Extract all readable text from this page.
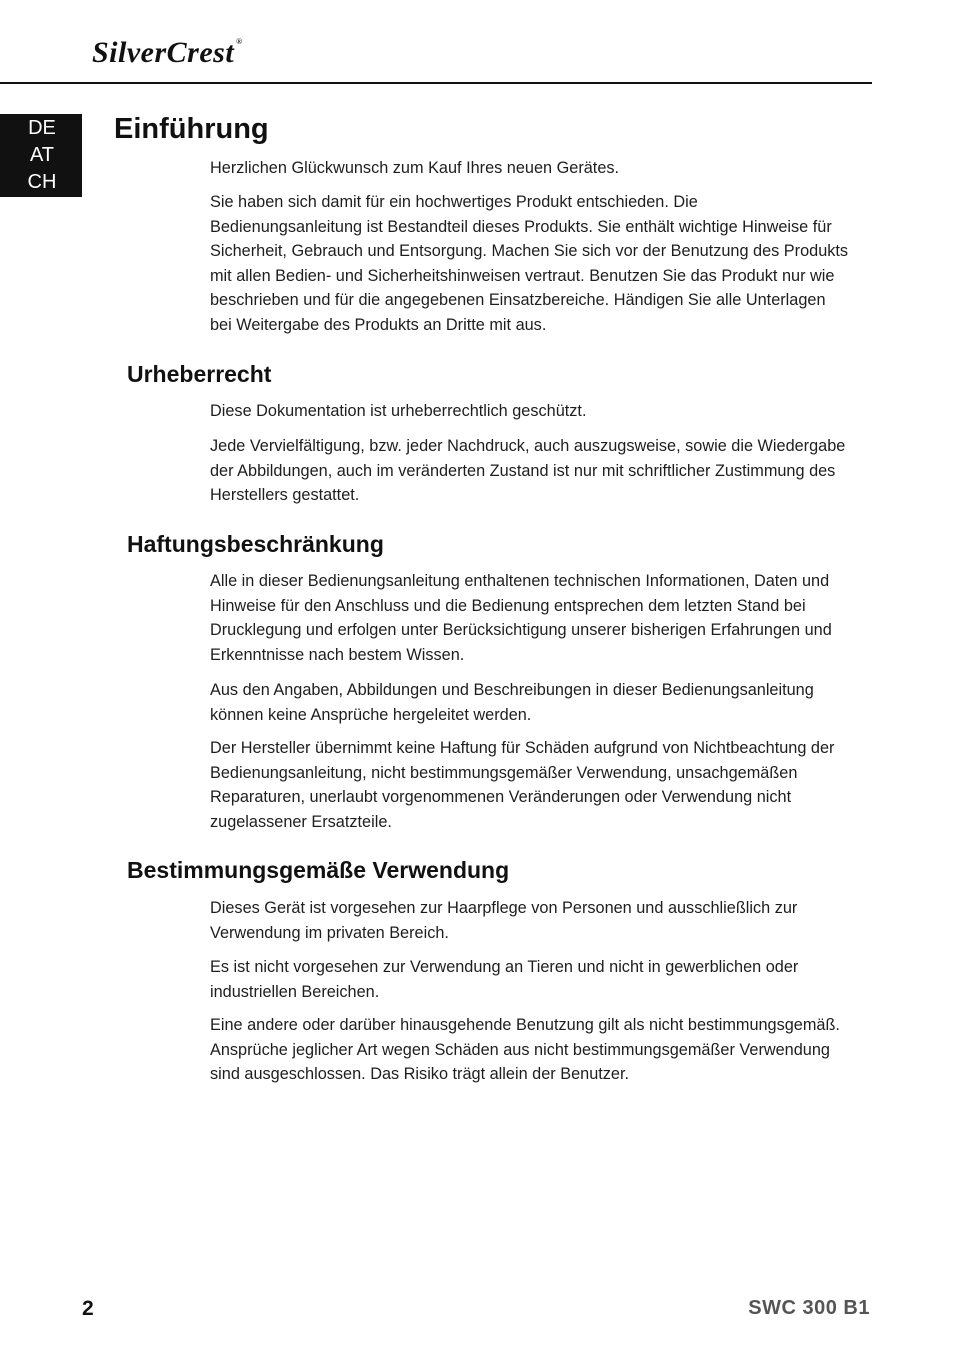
SilverCrest ®
DE
AT
CH
Einführung

Herzlichen Glückwunsch zum Kauf Ihres neuen Gerätes.

Sie haben sich damit für ein hochwertiges Produkt entschieden. Die Bedienungsanleitung ist Bestandteil dieses Produkts. Sie enthält wichtige Hinweise für Sicherheit, Gebrauch und Entsorgung. Machen Sie sich vor der Benutzung des Produkts mit allen Bedien- und Sicherheitshinweisen vertraut. Benutzen Sie das Produkt nur wie beschrieben und für die angegebenen Einsatzbereiche. Händigen Sie alle Unterlagen bei Weitergabe des Produkts an Dritte mit aus.

Urheberrecht

Diese Dokumentation ist urheberrechtlich geschützt.

Jede Vervielfältigung, bzw. jeder Nachdruck, auch auszugsweise, sowie die Wiedergabe der Abbildungen, auch im veränderten Zustand ist nur mit schriftlicher Zustimmung des Herstellers gestattet.

Haftungsbeschränkung

Alle in dieser Bedienungsanleitung enthaltenen technischen Informationen, Daten und Hinweise für den Anschluss und die Bedienung entsprechen dem letzten Stand bei Drucklegung und erfolgen unter Berücksichtigung unserer bisherigen Erfahrungen und Erkenntnisse nach bestem Wissen.

Aus den Angaben, Abbildungen und Beschreibungen in dieser Bedienungsanleitung können keine Ansprüche hergeleitet werden.

Der Hersteller übernimmt keine Haftung für Schäden aufgrund von Nichtbeachtung der Bedienungsanleitung, nicht bestimmungsgemäßer Verwendung, unsachgemäßen Reparaturen, unerlaubt vorgenommenen Veränderungen oder Verwendung nicht zugelassener Ersatzteile.

Bestimmungsgemäße Verwendung

Dieses Gerät ist vorgesehen zur Haarpflege von Personen und ausschließlich zur Verwendung im privaten Bereich.

Es ist nicht vorgesehen zur Verwendung an Tieren und nicht in gewerblichen oder industriellen Bereichen.

Eine andere oder darüber hinausgehende Benutzung gilt als nicht bestimmungsgemäß. Ansprüche jeglicher Art wegen Schäden aus nicht bestimmungsgemäßer Verwendung sind ausgeschlossen. Das Risiko trägt allein der Benutzer.

2	SWC 300 B1
